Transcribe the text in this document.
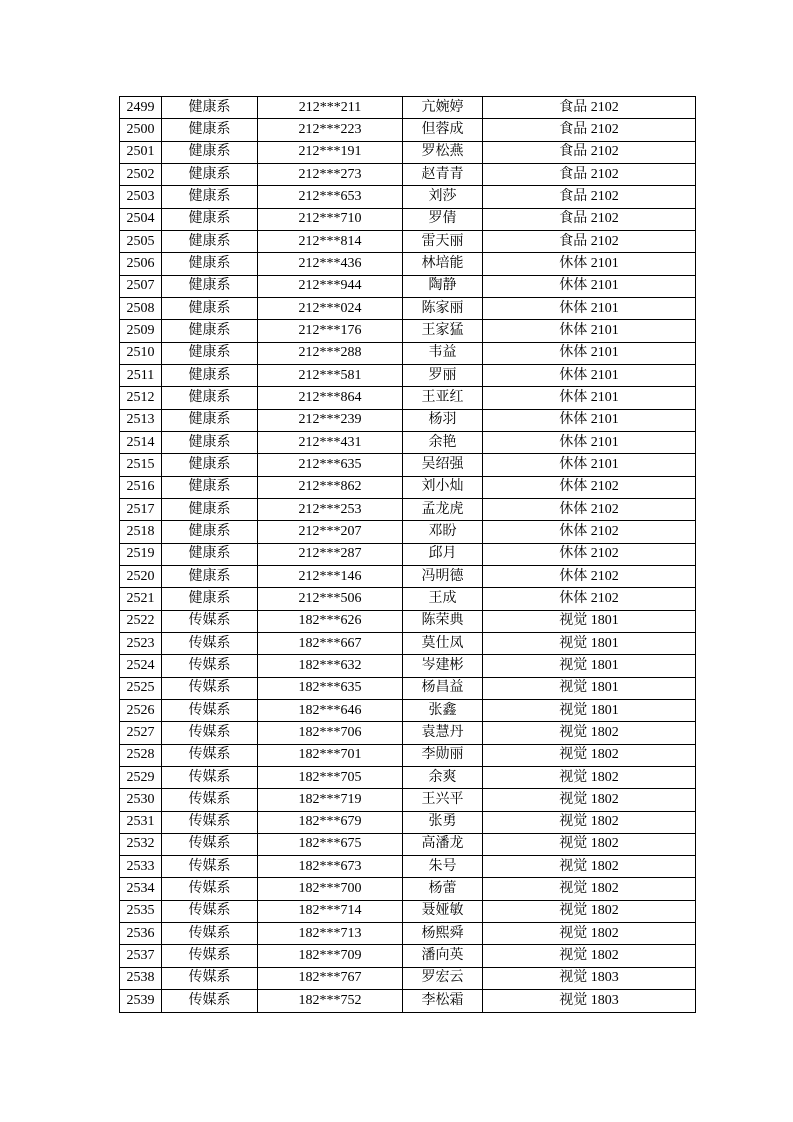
2499	健康系	212***211	亢婉婷	食品 2102
2500	健康系	212***223	但蓉成	食品 2102
2501	健康系	212***191	罗松燕	食品 2102
2502	健康系	212***273	赵青青	食品 2102
2503	健康系	212***653	刘莎	食品 2102
2504	健康系	212***710	罗倩	食品 2102
2505	健康系	212***814	雷天丽	食品 2102
2506	健康系	212***436	林培能	休体 2101
2507	健康系	212***944	陶静	休体 2101
2508	健康系	212***024	陈家丽	休体 2101
2509	健康系	212***176	王家猛	休体 2101
2510	健康系	212***288	韦益	休体 2101
2511	健康系	212***581	罗丽	休体 2101
2512	健康系	212***864	王亚红	休体 2101
2513	健康系	212***239	杨羽	休体 2101
2514	健康系	212***431	余艳	休体 2101
2515	健康系	212***635	吴绍强	休体 2101
2516	健康系	212***862	刘小灿	休体 2102
2517	健康系	212***253	孟龙虎	休体 2102
2518	健康系	212***207	邓盼	休体 2102
2519	健康系	212***287	邱月	休体 2102
2520	健康系	212***146	冯明德	休体 2102
2521	健康系	212***506	王成	休体 2102
2522	传媒系	182***626	陈荣典	视觉 1801
2523	传媒系	182***667	莫仕凤	视觉 1801
2524	传媒系	182***632	岑建彬	视觉 1801
2525	传媒系	182***635	杨昌益	视觉 1801
2526	传媒系	182***646	张鑫	视觉 1801
2527	传媒系	182***706	袁慧丹	视觉 1802
2528	传媒系	182***701	李勋丽	视觉 1802
2529	传媒系	182***705	余爽	视觉 1802
2530	传媒系	182***719	王兴平	视觉 1802
2531	传媒系	182***679	张勇	视觉 1802
2532	传媒系	182***675	高潘龙	视觉 1802
2533	传媒系	182***673	朱号	视觉 1802
2534	传媒系	182***700	杨蕾	视觉 1802
2535	传媒系	182***714	聂娅敏	视觉 1802
2536	传媒系	182***713	杨熙舜	视觉 1802
2537	传媒系	182***709	潘向英	视觉 1802
2538	传媒系	182***767	罗宏云	视觉 1803
2539	传媒系	182***752	李松霜	视觉 1803
